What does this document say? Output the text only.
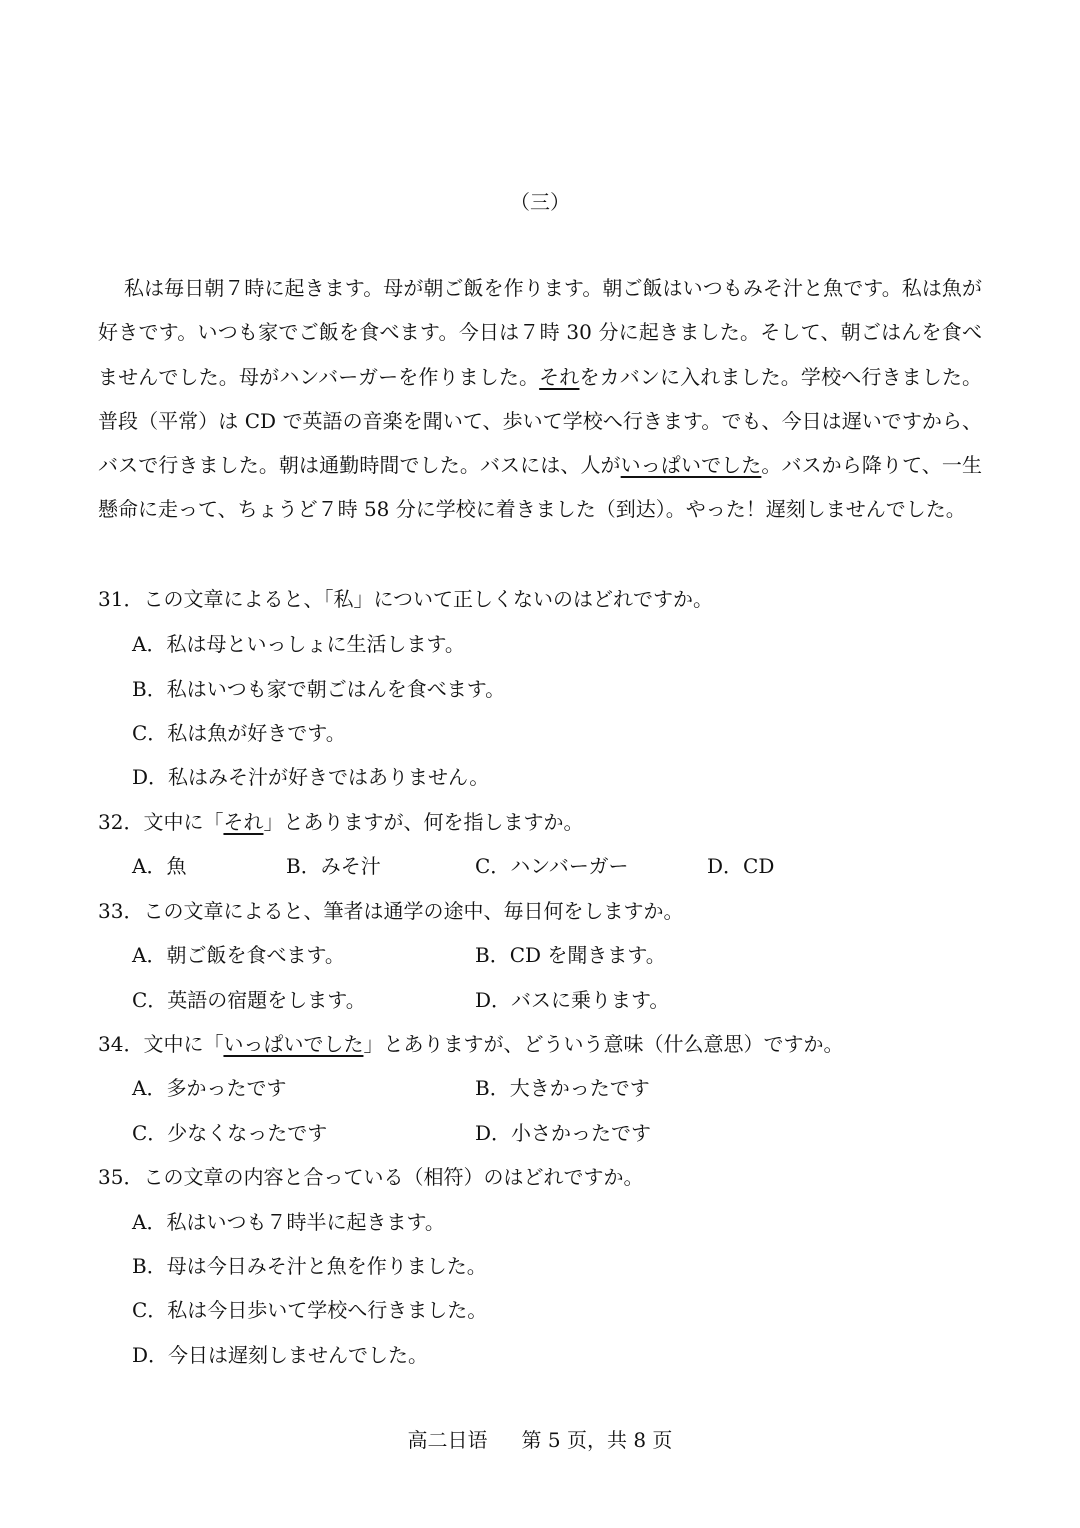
（三）

私は毎日朝７時に起きます。母が朝ご飯を作ります。朝ご飯はいつもみそ汁と魚です。私は魚が好きです。いつも家でご飯を食べます。今日は７時 30 分に起きました。そして、朝ごはんを食べませんでした。母がハンバーガーを作りました。それをカバンに入れました。学校へ行きました。普段（平常）は CD で英語の音楽を聞いて、歩いて学校へ行きます。でも、今日は遅いですから、バスで行きました。朝は通勤時間でした。バスには、人がいっぱいでした。バスから降りて、一生懸命に走って、ちょうど７時 58 分に学校に着きました（到达）。やった！遅刻しませんでした。

31．この文章によると、「私」について正しくないのはどれですか。
A．私は母といっしょに生活します。
B．私はいつも家で朝ごはんを食べます。
C．私は魚が好きです。
D．私はみそ汁が好きではありません。
32．文中に「それ」とありますが、何を指しますか。
A．魚	B．みそ汁	C．ハンバーガー	D．CD
33．この文章によると、筆者は通学の途中、毎日何をしますか。
A．朝ご飯を食べます。	B．CD を聞きます。
C．英語の宿題をします。	D．バスに乗ります。
34．文中に「いっぱいでした」とありますが、どういう意味（什么意思）ですか。
A．多かったです	B．大きかったです
C．少なくなったです	D．小さかったです
35．この文章の内容と合っている（相符）のはどれですか。
A．私はいつも７時半に起きます。
B．母は今日みそ汁と魚を作りました。
C．私は今日歩いて学校へ行きました。
D．今日は遅刻しませんでした。
高二日语 第 5 页，共 8 页
